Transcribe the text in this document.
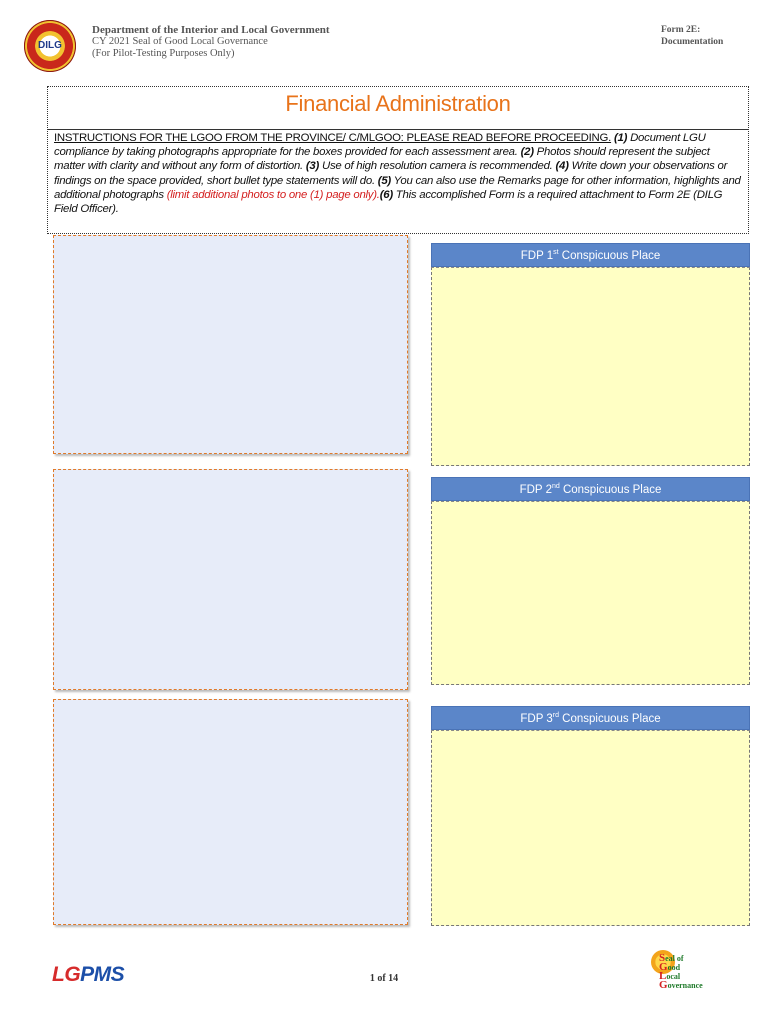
DILG
Department of the Interior and Local Government
CY 2021 Seal of Good Local Governance
(For Pilot-Testing Purposes Only)
Form 2E:
Documentation
Financial Administration
INSTRUCTIONS FOR THE LGOO FROM THE PROVINCE/ C/MLGOO: PLEASE READ BEFORE PROCEEDING. (1) Document LGU compliance by taking photographs appropriate for the boxes provided for each assessment area. (2) Photos should represent the subject matter with clarity and without any form of distortion. (3) Use of high resolution camera is recommended. (4) Write down your observations or findings on the space provided, short bullet type statements will do. (5) You can also use the Remarks page for other information, highlights and additional photographs (limit additional photos to one (1) page only).(6) This accomplished Form is a required attachment to Form 2E (DILG Field Officer).
FDP 1st Conspicuous Place
FDP 2nd Conspicuous Place
FDP 3rd Conspicuous Place
LGPMS	1 of 14
Seal of
Good
Local
Governance
